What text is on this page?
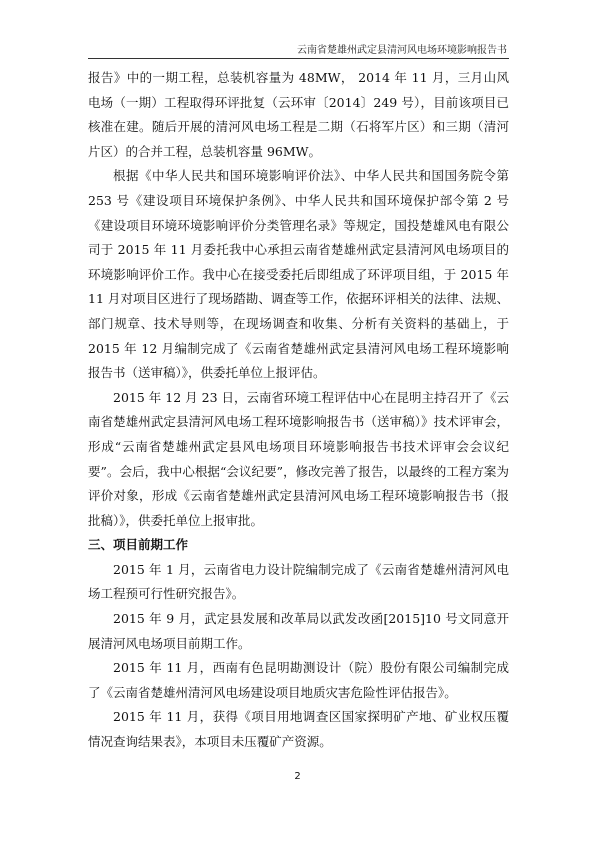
云南省楚雄州武定县清河风电场环境影响报告书

报告》中的一期工程，总装机容量为 48MW， 2014 年 11 月，三月山风电场（一期）工程取得环评批复（云环审〔2014〕249 号），目前该项目已核准在建。随后开展的清河风电场工程是二期（石将军片区）和三期（清河片区）的合并工程，总装机容量 96MW。

根据《中华人民共和国环境影响评价法》、中华人民共和国国务院令第 253 号《建设项目环境保护条例》、中华人民共和国环境保护部令第 2 号《建设项目环境环境影响评价分类管理名录》等规定，国投楚雄风电有限公司于 2015 年 11 月委托我中心承担云南省楚雄州武定县清河风电场项目的环境影响评价工作。我中心在接受委托后即组成了环评项目组，于 2015 年 11 月对项目区进行了现场踏勘、调查等工作，依据环评相关的法律、法规、部门规章、技术导则等，在现场调查和收集、分析有关资料的基础上，于 2015 年 12 月编制完成了《云南省楚雄州武定县清河风电场工程环境影响报告书（送审稿）》，供委托单位上报评估。

2015 年 12 月 23 日，云南省环境工程评估中心在昆明主持召开了《云南省楚雄州武定县清河风电场工程环境影响报告书（送审稿）》技术评审会，形成“云南省楚雄州武定县风电场项目环境影响报告书技术评审会会议纪要”。会后，我中心根据“会议纪要”，修改完善了报告，以最终的工程方案为评价对象，形成《云南省楚雄州武定县清河风电场工程环境影响报告书（报批稿）》，供委托单位上报审批。

三、项目前期工作

2015 年 1 月，云南省电力设计院编制完成了《云南省楚雄州清河风电场工程预可行性研究报告》。

2015 年 9 月，武定县发展和改革局以武发改函[2015]10 号文同意开展清河风电场项目前期工作。

2015 年 11 月，西南有色昆明勘测设计（院）股份有限公司编制完成了《云南省楚雄州清河风电场建设项目地质灾害危险性评估报告》。

2015 年 11 月，获得《项目用地调查区国家探明矿产地、矿业权压覆情况查询结果表》，本项目未压覆矿产资源。

2
